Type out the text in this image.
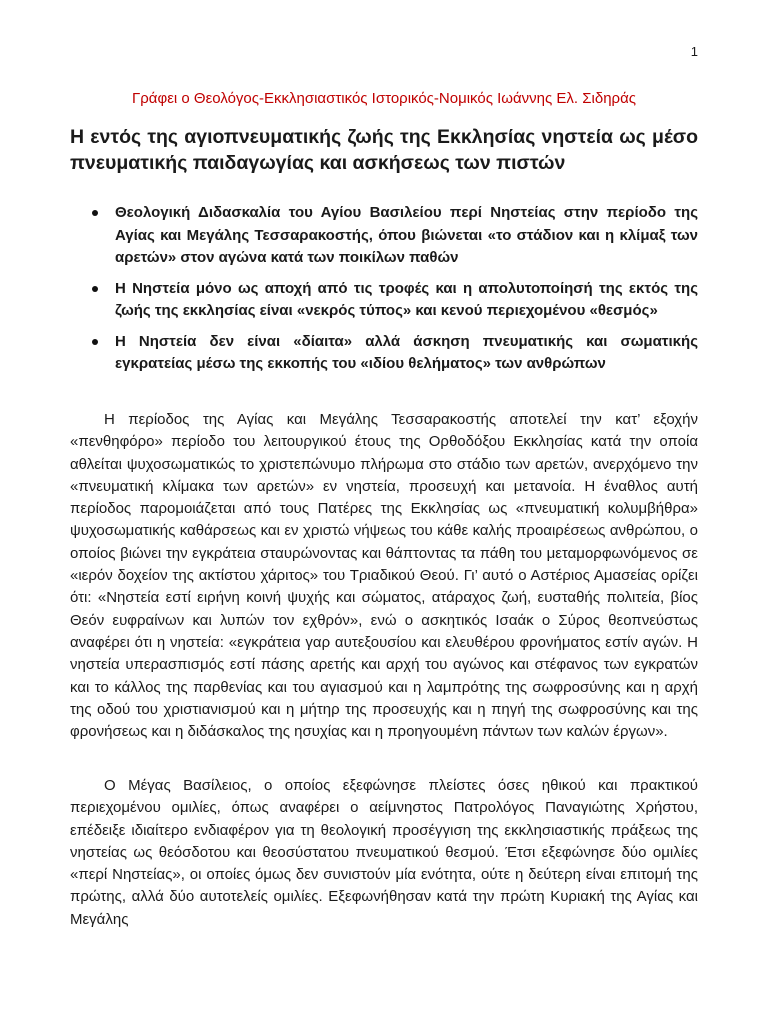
1
Γράφει ο Θεολόγος-Εκκλησιαστικός Ιστορικός-Νομικός Ιωάννης Ελ. Σιδηράς
Η εντός της αγιοπνευματικής ζωής της Εκκλησίας νηστεία ως μέσο πνευματικής παιδαγωγίας και ασκήσεως των πιστών
Θεολογική Διδασκαλία του Αγίου Βασιλείου περί Νηστείας στην περίοδο της Αγίας και Μεγάλης Τεσσαρακοστής, όπου βιώνεται «το στάδιον και η κλίμαξ των αρετών» στον αγώνα κατά των ποικίλων παθών
Η Νηστεία μόνο ως αποχή από τις τροφές και η απολυτοποίησή της εκτός της ζωής της εκκλησίας είναι «νεκρός τύπος» και κενού περιεχομένου «θεσμός»
Η Νηστεία δεν είναι «δίαιτα» αλλά άσκηση πνευματικής και σωματικής εγκρατείας μέσω της εκκοπής του «ιδίου θελήματος» των ανθρώπων

Η περίοδος της Αγίας και Μεγάλης Τεσσαρακοστής αποτελεί την κατ’ εξοχήν «πενθηφόρο» περίοδο του λειτουργικού έτους της Ορθοδόξου Εκκλησίας κατά την οποία αθλείται ψυχοσωματικώς το χριστεπώνυμο πλήρωμα στο στάδιο των αρετών, ανερχόμενο την «πνευματική κλίμακα των αρετών» εν νηστεία, προσευχή και μετανοία. Η έναθλος αυτή περίοδος παρομοιάζεται από τους Πατέρες της Εκκλησίας ως «πνευματική κολυμβήθρα» ψυχοσωματικής καθάρσεως και εν χριστώ νήψεως του κάθε καλής προαιρέσεως ανθρώπου, ο οποίος βιώνει την εγκράτεια σταυρώνοντας και θάπτοντας τα πάθη του μεταμορφωνόμενος σε «ιερόν δοχείον της ακτίστου χάριτος» του Τριαδικού Θεού. Γι’ αυτό ο Αστέριος Αμασείας ορίζει ότι: «Νηστεία εστί ειρήνη κοινή ψυχής και σώματος, ατάραχος ζωή, ευσταθής πολιτεία, βίος Θεόν ευφραίνων και λυπών τον εχθρόν», ενώ ο ασκητικός Ισαάκ ο Σύρος θεοπνεύστως αναφέρει ότι η νηστεία: «εγκράτεια γαρ αυτεξουσίου και ελευθέρου φρονήματος εστίν αγών. Η νηστεία υπερασπισμός εστί πάσης αρετής και αρχή του αγώνος και στέφανος των εγκρατών και το κάλλος της παρθενίας και του αγιασμού και η λαμπρότης της σωφροσύνης και η αρχή της οδού του χριστιανισμού και η μήτηρ της προσευχής και η πηγή της σωφροσύνης και της φρονήσεως και η διδάσκαλος της ησυχίας και η προηγουμένη πάντων των καλών έργων».

Ο Μέγας Βασίλειος, ο οποίος εξεφώνησε πλείστες όσες ηθικού και πρακτικού περιεχομένου ομιλίες, όπως αναφέρει ο αείμνηστος Πατρολόγος Παναγιώτης Χρήστου, επέδειξε ιδιαίτερο ενδιαφέρον για τη θεολογική προσέγγιση της εκκλησιαστικής πράξεως της νηστείας ως θεόσδοτου και θεοσύστατου πνευματικού θεσμού. Έτσι εξεφώνησε δύο ομιλίες «περί Νηστείας», οι οποίες όμως δεν συνιστούν μία ενότητα, ούτε η δεύτερη είναι επιτομή της πρώτης, αλλά δύο αυτοτελείς ομιλίες. Εξεφωνήθησαν κατά την πρώτη Κυριακή της Αγίας και Μεγάλης
